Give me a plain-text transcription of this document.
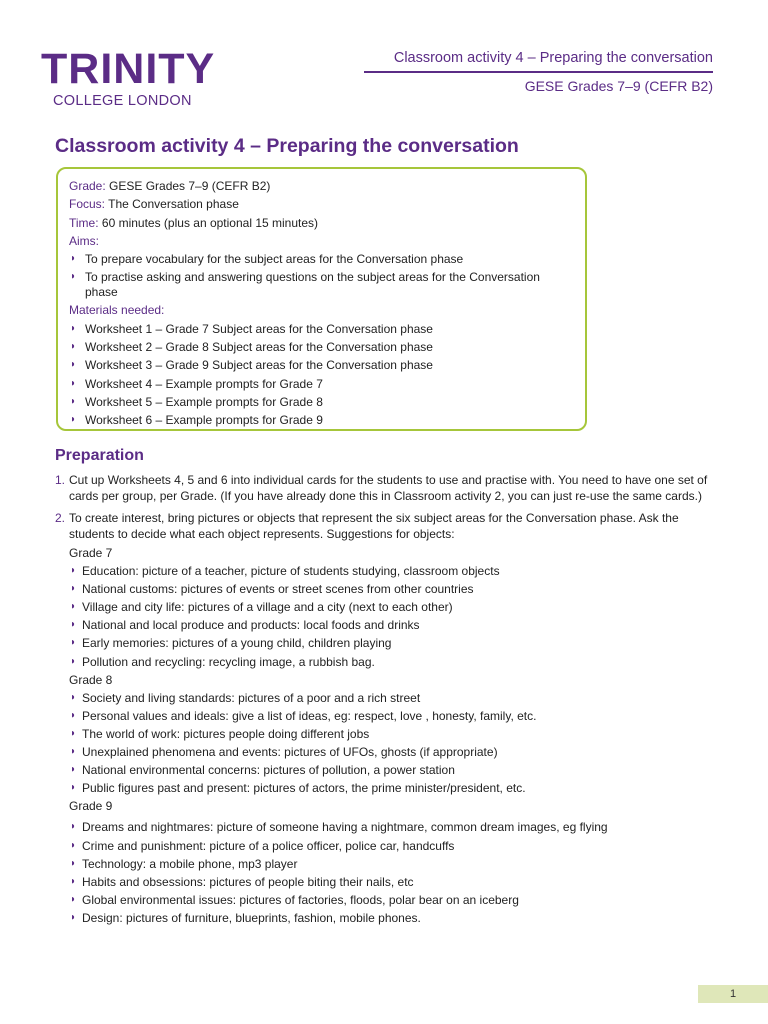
TRINITY
COLLEGE LONDON
Classroom activity 4 – Preparing the conversation
GESE Grades 7–9 (CEFR B2)
Classroom activity 4 – Preparing the conversation

Grade: GESE Grades 7–9 (CEFR B2)

Focus: The Conversation phase

Time: 60 minutes (plus an optional 15 minutes)

Aims:

◗ To prepare vocabulary for the subject areas for the Conversation phase
◗ To practise asking and answering questions on the subject areas for the Conversation phase

Materials needed:

◗ Worksheet 1 – Grade 7 Subject areas for the Conversation phase
◗ Worksheet 2 – Grade 8 Subject areas for the Conversation phase
◗ Worksheet 3 – Grade 9 Subject areas for the Conversation phase
◗ Worksheet 4 – Example prompts for Grade 7
◗ Worksheet 5 – Example prompts for Grade 8
◗ Worksheet 6 – Example prompts for Grade 9
Preparation
1. Cut up Worksheets 4, 5 and 6 into individual cards for the students to use and practise with. You need to have one set of cards per group, per Grade. (If you have already done this in Classroom activity 2, you can just re-use the same cards.)
2. To create interest, bring pictures or objects that represent the six subject areas for the Conversation phase. Ask the students to decide what each object represents. Suggestions for objects:
Grade 7
◗ Education: picture of a teacher, picture of students studying, classroom objects
◗ National customs: pictures of events or street scenes from other countries
◗ Village and city life: pictures of a village and a city (next to each other)
◗ National and local produce and products: local foods and drinks
◗ Early memories: pictures of a young child, children playing
◗ Pollution and recycling: recycling image, a rubbish bag.
Grade 8
◗ Society and living standards: pictures of a poor and a rich street
◗ Personal values and ideals: give a list of ideas, eg: respect, love , honesty, family, etc.
◗ The world of work: pictures people doing different jobs
◗ Unexplained phenomena and events: pictures of UFOs, ghosts (if appropriate)
◗ National environmental concerns: pictures of pollution, a power station
◗ Public figures past and present: pictures of actors, the prime minister/president, etc.
Grade 9
◗ Dreams and nightmares: picture of someone having a nightmare, common dream images, eg flying
◗ Crime and punishment: picture of a police officer, police car, handcuffs
◗ Technology: a mobile phone, mp3 player
◗ Habits and obsessions: pictures of people biting their nails, etc
◗ Global environmental issues: pictures of factories, floods, polar bear on an iceberg
◗ Design: pictures of furniture, blueprints, fashion, mobile phones.
1
